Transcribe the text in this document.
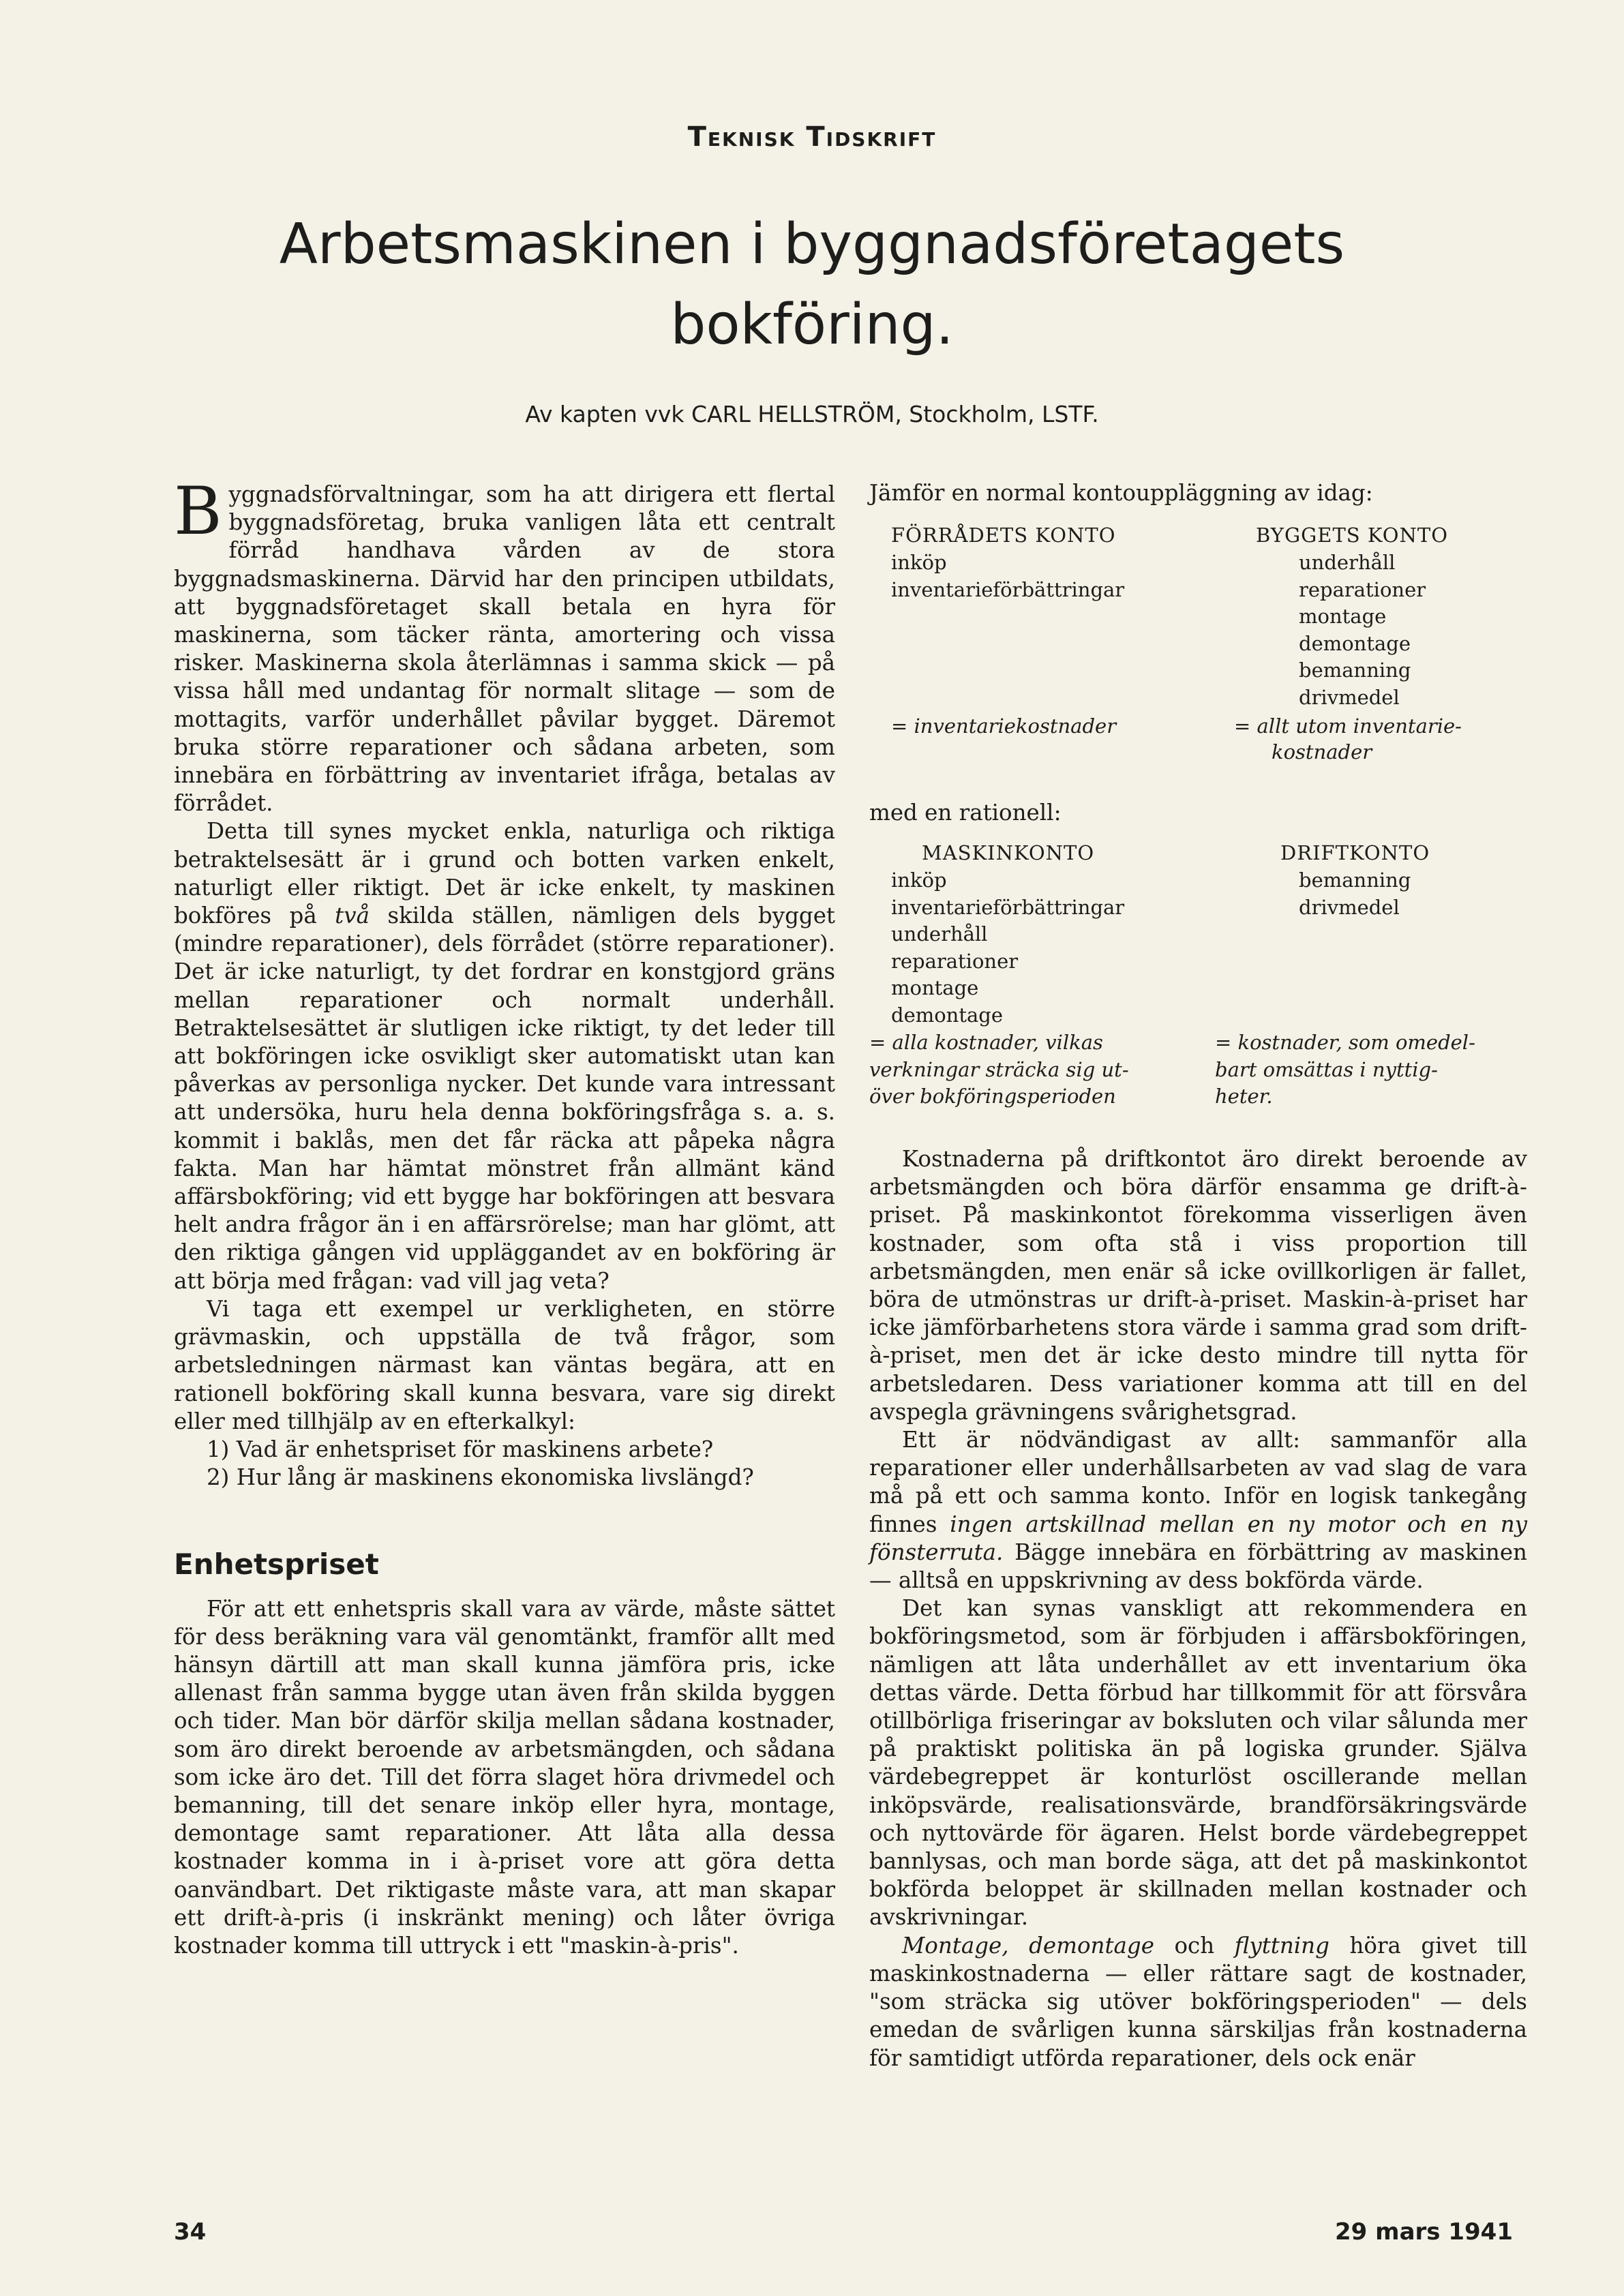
Teknisk Tidskrift
Arbetsmaskinen i byggnadsföretagets
bokföring.
Av kapten vvk CARL HELLSTRÖM, Stockholm, LSTF.

Byggnadsförvaltningar, som ha att dirigera ett flertal byggnadsföretag, bruka vanligen låta ett centralt förråd handhava vården av de stora byggnadsmaskinerna. Därvid har den principen utbildats, att byggnadsföretaget skall betala en hyra för maskinerna, som täcker ränta, amortering och vissa risker. Maskinerna skola återlämnas i samma skick — på vissa håll med undantag för normalt slitage — som de mottagits, varför underhållet påvilar bygget. Däremot bruka större reparationer och sådana arbeten, som innebära en förbättring av inventariet ifråga, betalas av förrådet.

Detta till synes mycket enkla, naturliga och riktiga betraktelsesätt är i grund och botten varken enkelt, naturligt eller riktigt. Det är icke enkelt, ty maskinen bokföres på två skilda ställen, nämligen dels bygget (mindre reparationer), dels förrådet (större reparationer). Det är icke naturligt, ty det fordrar en konstgjord gräns mellan reparationer och normalt underhåll. Betraktelsesättet är slutligen icke riktigt, ty det leder till att bokföringen icke osvikligt sker automatiskt utan kan påverkas av personliga nycker. Det kunde vara intressant att undersöka, huru hela denna bokföringsfråga s. a. s. kommit i baklås, men det får räcka att påpeka några fakta. Man har hämtat mönstret från allmänt känd affärsbokföring; vid ett bygge har bokföringen att besvara helt andra frågor än i en affärsrörelse; man har glömt, att den riktiga gången vid uppläggandet av en bokföring är att börja med frågan: vad vill jag veta?

Vi taga ett exempel ur verkligheten, en större grävmaskin, och uppställa de två frågor, som arbetsledningen närmast kan väntas begära, att en rationell bokföring skall kunna besvara, vare sig direkt eller med tillhjälp av en efterkalkyl:

1) Vad är enhetspriset för maskinens arbete?

2) Hur lång är maskinens ekonomiska livslängd?

Enhetspriset

För att ett enhetspris skall vara av värde, måste sättet för dess beräkning vara väl genomtänkt, framför allt med hänsyn därtill att man skall kunna jämföra pris, icke allenast från samma bygge utan även från skilda byggen och tider. Man bör därför skilja mellan sådana kostnader, som äro direkt beroende av arbetsmängden, och sådana som icke äro det. Till det förra slaget höra drivmedel och bemanning, till det senare inköp eller hyra, montage, demontage samt reparationer. Att låta alla dessa kostnader komma in i à-priset vore att göra detta oanvändbart. Det riktigaste måste vara, att man skapar ett drift-à-pris (i inskränkt mening) och låter övriga kostnader komma till uttryck i ett "maskin-à-pris".

Jämför en normal kontouppläggning av idag:
FÖRRÅDETS KONTO
inköp
inventarieförbättringar
= inventariekostnader
BYGGETS KONTO
underhåll
reparationer
montage
demontage
bemanning
drivmedel
= allt utom inventarie-
kostnader
med en rationell:
MASKINKONTO
inköp
inventarieförbättringar
underhåll
reparationer
montage
demontage
= alla kostnader, vilkas
verkningar sträcka sig ut-
över bokföringsperioden
DRIFTKONTO
bemanning
drivmedel
= kostnader, som omedel-
bart omsättas i nyttig-
heter.

Kostnaderna på driftkontot äro direkt beroende av arbetsmängden och böra därför ensamma ge drift-à-priset. På maskinkontot förekomma visserligen även kostnader, som ofta stå i viss proportion till arbetsmängden, men enär så icke ovillkorligen är fallet, böra de utmönstras ur drift-à-priset. Maskin-à-priset har icke jämförbarhetens stora värde i samma grad som drift-à-priset, men det är icke desto mindre till nytta för arbetsledaren. Dess variationer komma att till en del avspegla grävningens svårighetsgrad.

Ett är nödvändigast av allt: sammanför alla reparationer eller underhållsarbeten av vad slag de vara må på ett och samma konto. Inför en logisk tankegång finnes ingen artskillnad mellan en ny motor och en ny fönsterruta. Bägge innebära en förbättring av maskinen — alltså en uppskrivning av dess bokförda värde.

Det kan synas vanskligt att rekommendera en bokföringsmetod, som är förbjuden i affärsbokföringen, nämligen att låta underhållet av ett inventarium öka dettas värde. Detta förbud har tillkommit för att försvåra otillbörliga friseringar av boksluten och vilar sålunda mer på praktiskt politiska än på logiska grunder. Själva värdebegreppet är konturlöst oscillerande mellan inköpsvärde, realisationsvärde, brandförsäkringsvärde och nyttovärde för ägaren. Helst borde värdebegreppet bannlysas, och man borde säga, att det på maskinkontot bokförda beloppet är skillnaden mellan kostnader och avskrivningar.

Montage, demontage och flyttning höra givet till maskinkostnaderna — eller rättare sagt de kostnader, "som sträcka sig utöver bokföringsperioden" — dels emedan de svårligen kunna särskiljas från kostnaderna för samtidigt utförda reparationer, dels ock enär

34	29 mars 1941
